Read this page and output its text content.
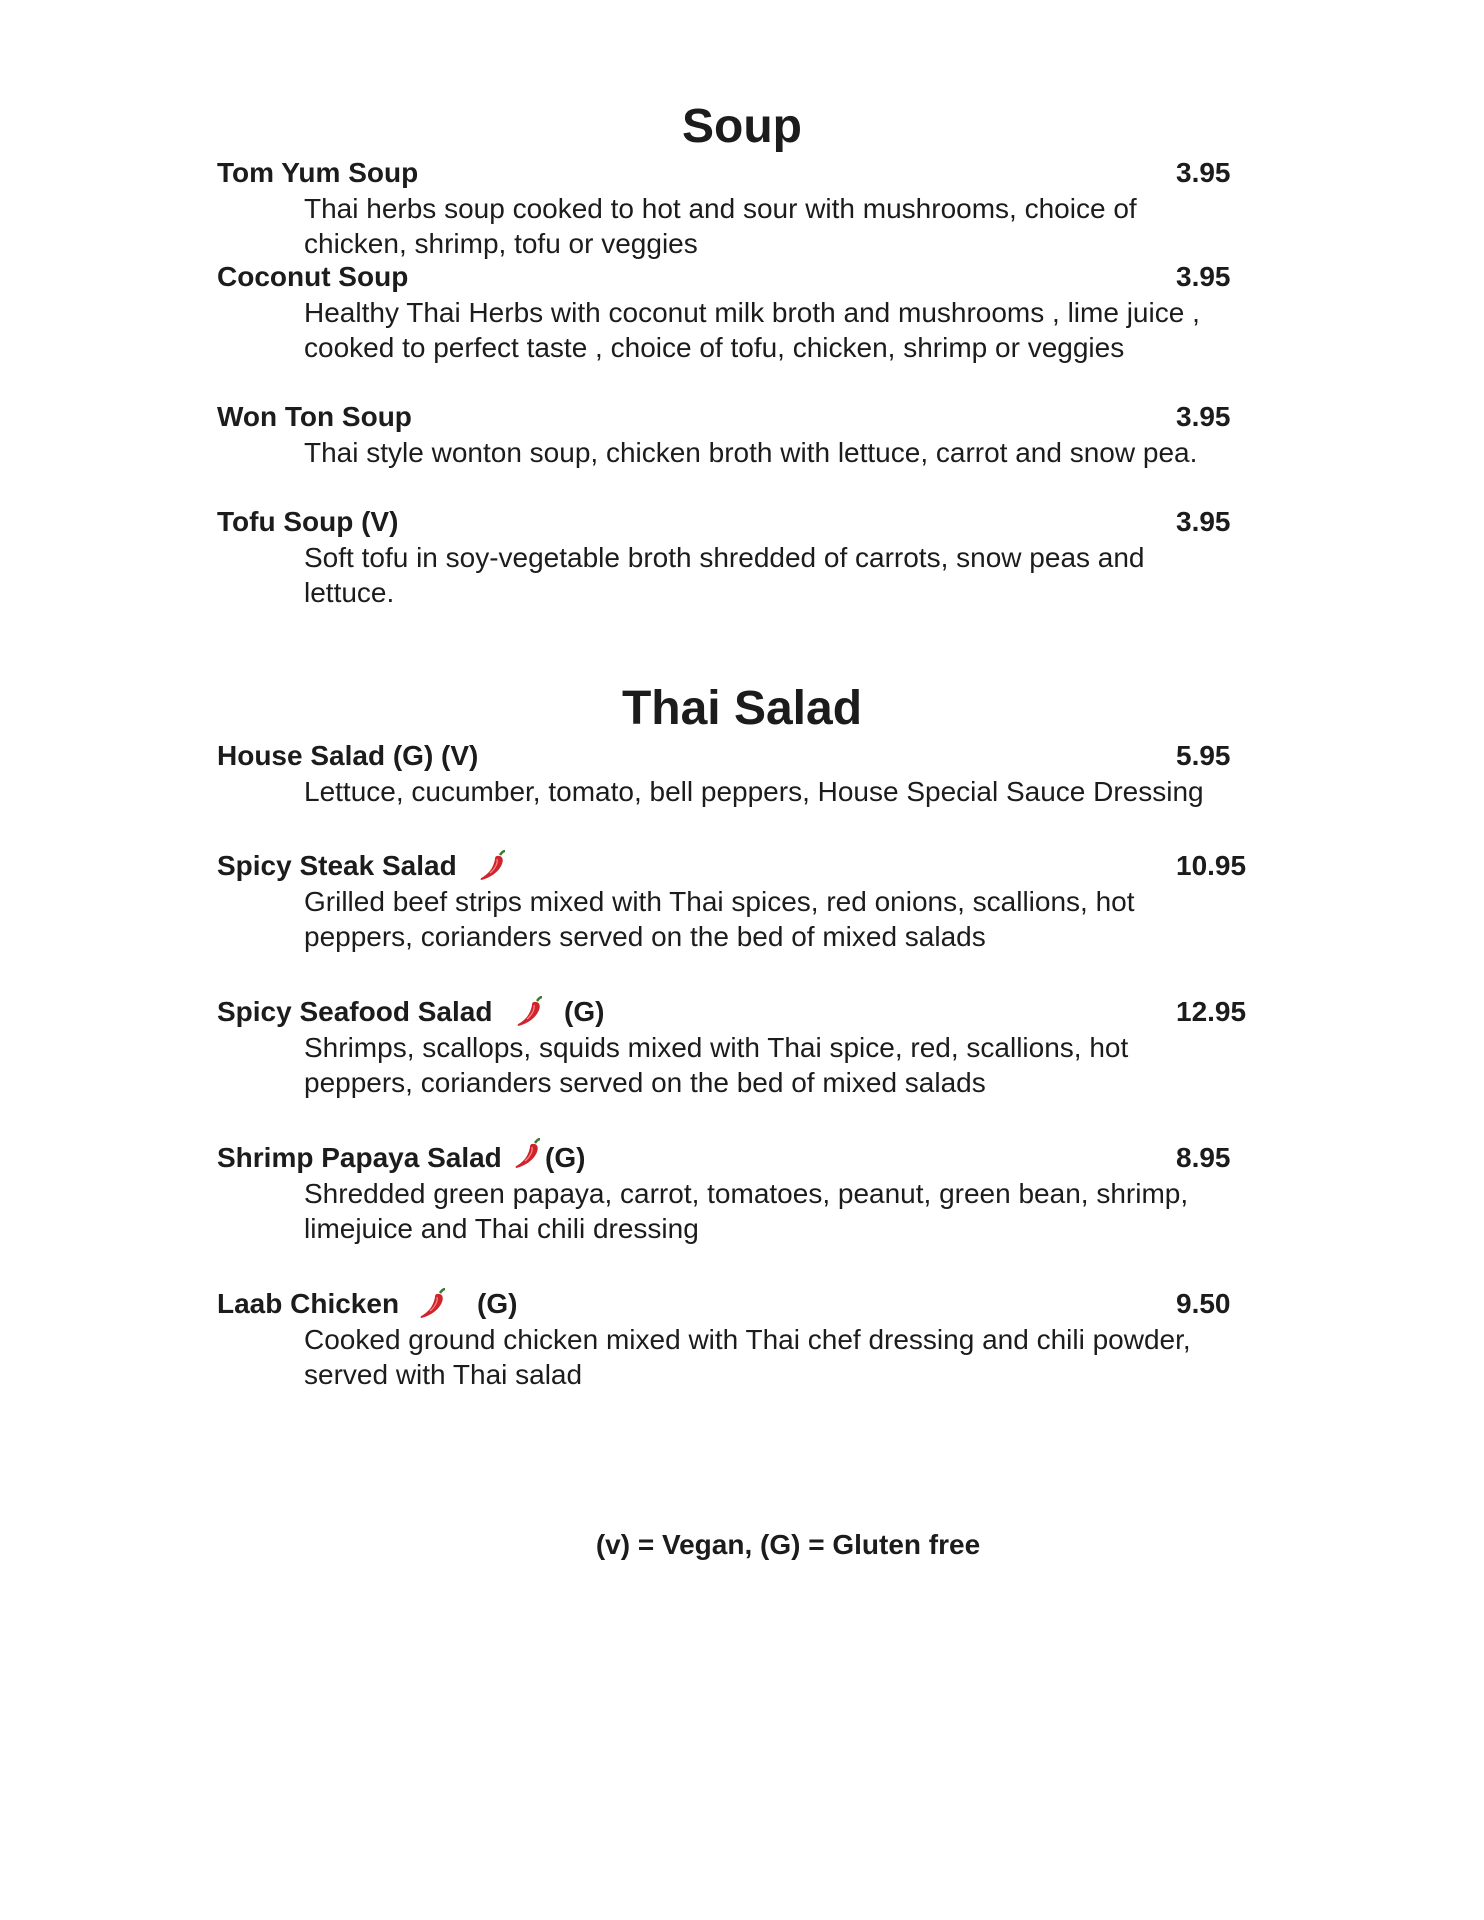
Soup
Tom Yum Soup	3.95

Thai herbs soup cooked to hot and sour with mushrooms, choice of
chicken, shrimp, tofu or veggies

Coconut Soup	3.95

Healthy Thai Herbs with coconut milk broth and mushrooms , lime juice ,
cooked to perfect taste , choice of tofu, chicken, shrimp or veggies

Won Ton Soup	3.95

Thai style wonton soup, chicken broth with lettuce, carrot and snow pea.

Tofu Soup (V)	3.95

Soft tofu in soy-vegetable broth shredded of carrots, snow peas and
lettuce.

Thai Salad
House Salad (G) (V)	5.95

Lettuce, cucumber, tomato, bell peppers, House Special Sauce Dressing

Spicy Steak Salad	10.95

Grilled beef strips mixed with Thai spices, red onions, scallions, hot
peppers, corianders served on the bed of mixed salads

Spicy Seafood Salad	(G)	12.95

Shrimps, scallops, squids mixed with Thai spice, red, scallions, hot
peppers, corianders served on the bed of mixed salads

Shrimp Papaya Salad (G)	8.95

Shredded green papaya, carrot, tomatoes, peanut, green bean, shrimp,
limejuice and Thai chili dressing

Laab Chicken	(G)	9.50

Cooked ground chicken mixed with Thai chef dressing and chili powder,
served with Thai salad

(v) = Vegan, (G) = Gluten free
